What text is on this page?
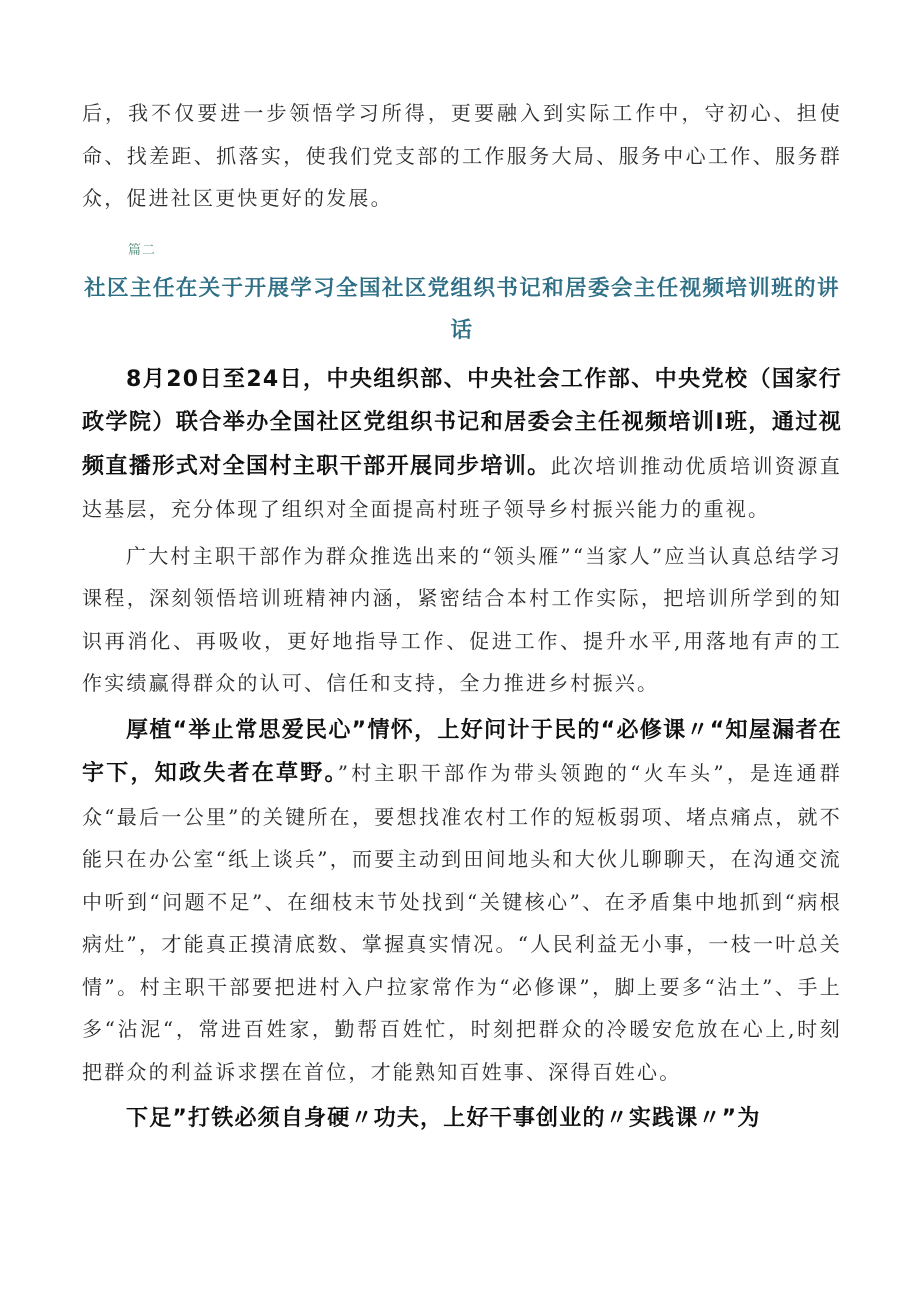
后，我不仅要进一步领悟学习所得，更要融入到实际工作中，守初心、担使命、找差距、抓落实，使我们党支部的工作服务大局、服务中心工作、服务群众，促进社区更快更好的发展。

篇二
社区主任在关于开展学习全国社区党组织书记和居委会主任视频培训班的讲话

8月20日至24日，中央组织部、中央社会工作部、中央党校（国家行政学院）联合举办全国社区党组织书记和居委会主任视频培训I班，通过视频直播形式对全国村主职干部开展同步培训。此次培训推动优质培训资源直达基层，充分体现了组织对全面提高村班子领导乡村振兴能力的重视。

广大村主职干部作为群众推选出来的“领头雁”“当家人”应当认真总结学习课程，深刻领悟培训班精神内涵，紧密结合本村工作实际，把培训所学到的知识再消化、再吸收，更好地指导工作、促进工作、提升水平,用落地有声的工作实绩赢得群众的认可、信任和支持，全力推进乡村振兴。

厚植“举止常思爱民心”情怀，上好问计于民的“必修课〃“知屋漏者在宇下，知政失者在草野。”村主职干部作为带头领跑的“火车头”，是连通群众“最后一公里”的关键所在，要想找准农村工作的短板弱项、堵点痛点，就不能只在办公室“纸上谈兵”，而要主动到田间地头和大伙儿聊聊天，在沟通交流中听到“问题不足”、在细枝末节处找到“关键核心”、在矛盾集中地抓到“病根病灶”，才能真正摸清底数、掌握真实情况。“人民利益无小事，一枝一叶总关情”。村主职干部要把进村入户拉家常作为“必修课”，脚上要多“沾土”、手上多“沾泥“，常进百姓家，勤帮百姓忙，时刻把群众的冷暖安危放在心上,时刻把群众的利益诉求摆在首位，才能熟知百姓事、深得百姓心。

下足”打铁必须自身硬〃功夫，上好干事创业的〃实践课〃”为
